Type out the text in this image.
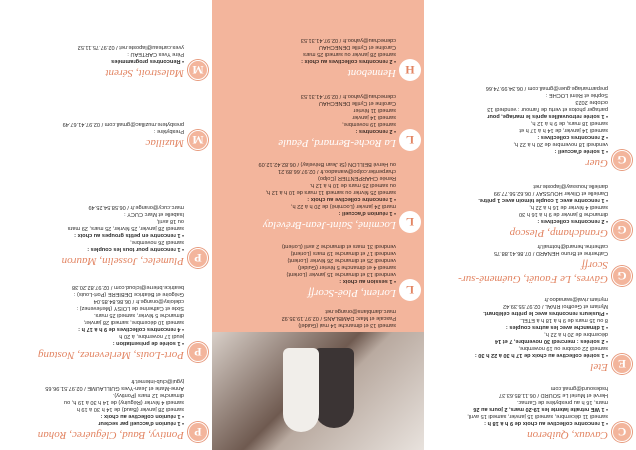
C

Cavaux, Quiberon

• 1 rencontre collective au choix de 9 h à 18 h :

samedi 11 décembre, samedi 15 janvier, samedi 15 avril,

• 1 WE retraite latente les 19-20 mars, 2 jours au 26

mars, 16 h au presbytère de Carnac.

Hervé et Muriel Le SOURD / 06.11.85.63.37

hsdesourd@gmail.com

E

Etel

• 1 soirée collective au choix de 17 h 30 à 22 h 30 :

samedi 22 octobre ou 19 novembre,

• 2 soirées : mercredi 30 novembre, 7 et 14

décembre de 20 h à 22 h,

• 1 dimanche avec les autres couples :

8 ou 15 mars de 9 h à 18 h à ETEL.

• Plusieurs rencontres avec le prêtre célébrant.

Myriam et Geoffroi RIVAL / 02.97.55.39.42

myriam.rival@wanadoo.fr

G

Gâvres, Le Faouët, Guémené-sur-Scorff

Catherine et Bruno HENARD / 07.86.41.88.75

catherine.henard@hotmail.fr

G

Grandchamp, Plescop

• 2 rencontres collectives :

dimanche 8 janvier de 9 h à 16 h 30

samedi 4 février de 16 h à 22 h,

• 1 rencontre avec 1 couple témoin avec 1 prêtre.

Danielle et Olivier HOUSSAY / 06.62.56.77.99

danielle.houssay@laposte.net

G

Guer

• 1 soirée d'accueil :

vendredi 18 novembre de 20 h à 22 h,

• 2 rencontres collectives :

samedi 14 janvier, de 14 h à 17 h et

samedi 18 mars, de 9 h à 12 h,

• 1 soirée retrouvailles après le mariage, pour

partager photos et vertu de l'amour : vendredi 13

octobre 2023

Sophie et Rémi LOCHE :

preparmariage.guer@gmail.com / 06.34.99.74.66

samedi 13 et dimanche 14 mai (Guidel)

Pascale et Marc DAMBLANS / 02.97.19.35.92

marc.damblans@orange.net

L

Lorient, Ploë-Scorff

• 1 session au choix :

vendredi 13 et dimanche 15 janvier (Lorient)

samedi 4 et dimanche 5 février (Guidel)

vendredi 25 et dimanche 26 février (Lorient)

vendredi 17 et dimanche 19 mars (Lorient)

vendredi 31 mars et dimanche 2 avril (Lorient)

L

Locminé, Saint-Jean-Brévelay

• 1 réunion d'accueil :

mardi 24 janvier (Locminé) de 20 h à 22 h,

• 1 rencontre collective au choix :

samedi 25 février ou samedi 11 mars de 10 h à 12 h,

ou samedi 25 mars de 10 h à 12 h.

Renée CHARPENTIER (Colpo)

charpentier.colpo@wanadoo.fr / 02.97.66.89.21

ou Hervé BEILLON (St Jean Brévelay) / 06.82.42.12.09

L

La Roche-Bernard, Péaule

• 2 rencontres :

samedi 19 novembre,

samedi 14 janvier

samedi 11 février

Caroline et Cyrille DENECHAU

cdenechau@yahoo.fr / 02.97.41.31.53

H

Hennebont

• 2 rencontres collectives au choix :

samedi 28 janvier ou samedi 25 mars

Caroline et Cyrille DENECHAU

cdenechau@yahoo.fr / 02.97.41.31.53

P

Pontivy, Baud, Cléguérec, Rohan

• 1 réunion d'accueil par secteur

• 1 réunion collective au choix :

samedi 28 janvier (Baud) de 14 h 30 à 19 h

samedi 4 février (Réguiny) de 14 h 30 à 19 h, ou

dimanche 12 mars (Pontivy).

Anne-Marie et Jean-Yves GUILLAUME / 02.97.51.96.65

jygui@club-internet.fr

P

Port-Louis, Merlevenez, Nostang

• 1 soirée de présentation :

jeudi 17 novembre, à 20 h

• 4 rencontres collectives de 9 h à 17 h :

samedi 10 décembre, samedi 28 janvier,

dimanche 5 février, samedi 25 mars.

Sixte et Catherine de LOISY (Merlevenez) :

cdeloisy@orange.fr / 06.86.84.85.04

Grégoire et Béatrice DEBIÈRE (Port-Louis) :

beatrice.brierre@icloud.com / 02.97.82.20.38

P

Plumelec, Josselin, Mauron

• 1 rencontre pour tous les couples :

samedi 26 novembre,

• 1 rencontre en petits groupes au choix :

samedi 28 janvier, 25 février, 25 mars, 29 mars

ou 18 avril,

Isabelle et Marc CUCY :

marc.cucy@orange.fr / 06.58.54.25.49

M

Muzillac

Presbytère :

presbytere.muzillac@gmail.com / 02.97.41.67.49

M

Malestroit, Sérent

• Rencontres programmées

Père Yves CARTEAU :

yves.carteau@laposte.net / 02.97.75.11.52
